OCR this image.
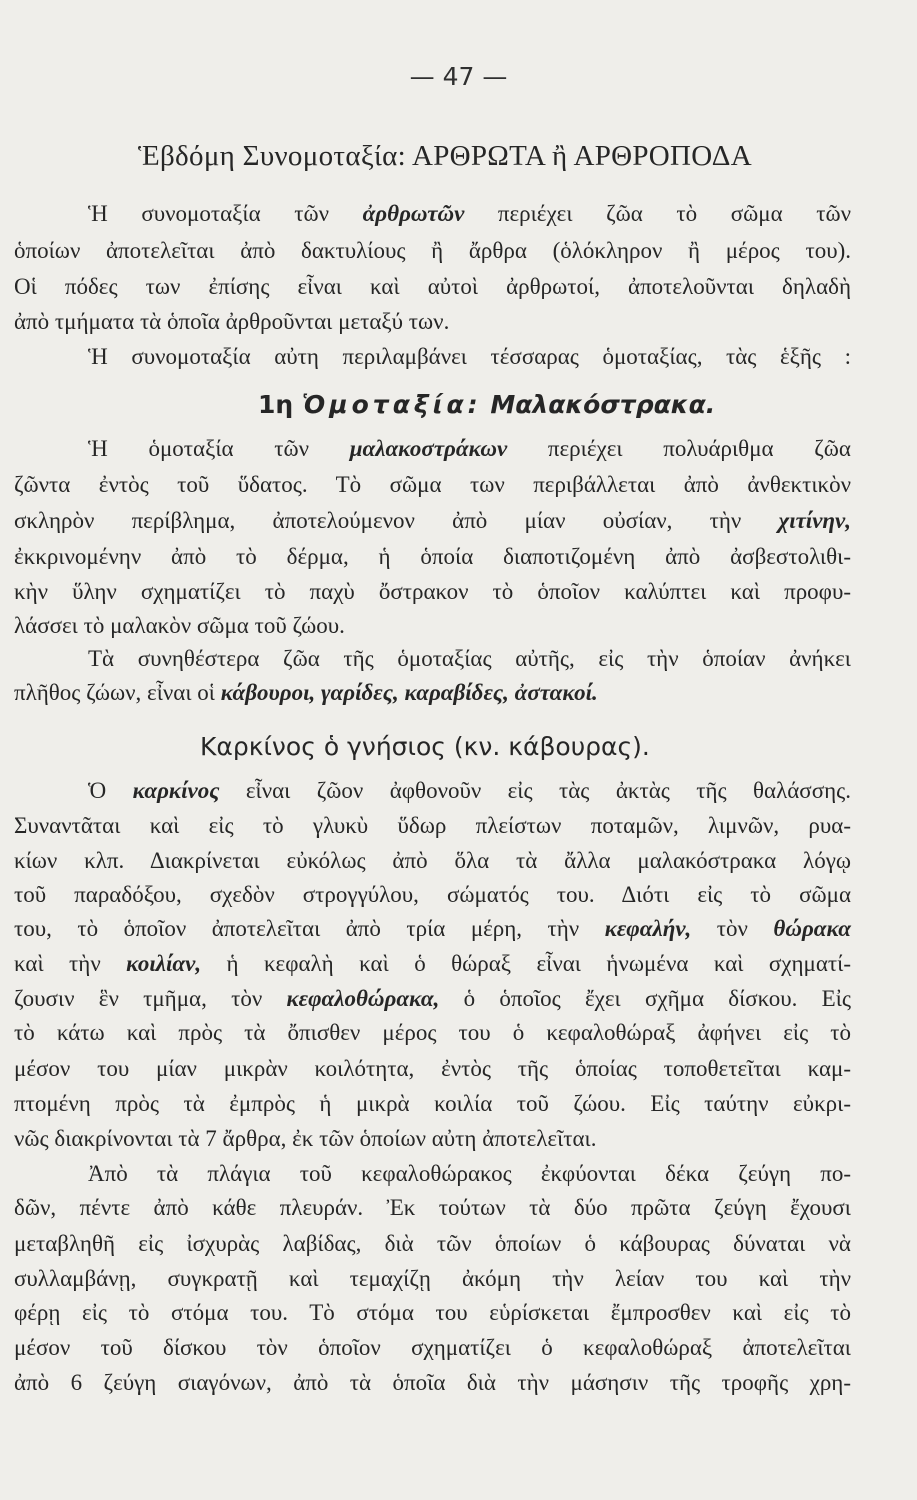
— 47 —
Ἑβδόμη Συνομοταξία: ΑΡΘΡΩΤΑ ἢ ΑΡΘΡΟΠΟΔΑ
Ἡ συνομοταξία τῶν ἀρθρωτῶν περιέχει ζῶα τὸ σῶμα τῶν
ὁποίων ἀποτελεῖται ἀπὸ δακτυλίους ἢ ἄρθρα (ὁλόκληρον ἢ μέρος του).
Οἱ πόδες των ἐπίσης εἶναι καὶ αὐτοὶ ἀρθρωτοί, ἀποτελοῦνται δηλαδὴ
ἀπὸ τμήματα τὰ ὁποῖα ἀρθροῦνται μεταξύ των.
Ἡ συνομοταξία αὐτη περιλαμβάνει τέσσαρας ὁμοταξίας, τὰς ἑξῆς :
1η Ὁμοταξία: Μαλακόστρακα.
Ἡ ὁμοταξία τῶν μαλακοστράκων περιέχει πολυάριθμα ζῶα
ζῶντα ἐντὸς τοῦ ὕδατος. Τὸ σῶμα των περιβάλλεται ἀπὸ ἀνθεκτικὸν
σκληρὸν περίβλημα, ἀποτελούμενον ἀπὸ μίαν οὐσίαν, τὴν χιτίνην,
ἐκκρινομένην ἀπὸ τὸ δέρμα, ἡ ὁποία διαποτιζομένη ἀπὸ ἀσβεστολιθι-
κὴν ὕλην σχηματίζει τὸ παχὺ ὄστρακον τὸ ὁποῖον καλύπτει καὶ προφυ-
λάσσει τὸ μαλακὸν σῶμα τοῦ ζώου.
Τὰ συνηθέστερα ζῶα τῆς ὁμοταξίας αὐτῆς, εἰς τὴν ὁποίαν ἀνήκει
πλῆθος ζώων, εἶναι οἱ κάβουροι, γαρίδες, καραβίδες, ἀστακοί.
Καρκίνος ὁ γνήσιος (κν. κάβουρας).
Ὁ καρκίνος εἶναι ζῶον ἀφθονοῦν εἰς τὰς ἀκτὰς τῆς θαλάσσης.
Συναντᾶται καὶ εἰς τὸ γλυκὺ ὕδωρ πλείστων ποταμῶν, λιμνῶν, ρυα-
κίων κλπ. Διακρίνεται εὐκόλως ἀπὸ ὅλα τὰ ἄλλα μαλακόστρακα λόγῳ
τοῦ παραδόξου, σχεδὸν στρογγύλου, σώματός του. Διότι εἰς τὸ σῶμα
του, τὸ ὁποῖον ἀποτελεῖται ἀπὸ τρία μέρη, τὴν κεφαλήν, τὸν θώρακα
καὶ τὴν κοιλίαν, ἡ κεφαλὴ καὶ ὁ θώραξ εἶναι ἡνωμένα καὶ σχηματί-
ζουσιν ἓν τμῆμα, τὸν κεφαλοθώρακα, ὁ ὁποῖος ἔχει σχῆμα δίσκου. Εἰς
τὸ κάτω καὶ πρὸς τὰ ὄπισθεν μέρος του ὁ κεφαλοθώραξ ἀφήνει εἰς τὸ
μέσον του μίαν μικρὰν κοιλότητα, ἐντὸς τῆς ὁποίας τοποθετεῖται καμ-
πτομένη πρὸς τὰ ἐμπρὸς ἡ μικρὰ κοιλία τοῦ ζώου. Εἰς ταύτην εὐκρι-
νῶς διακρίνονται τὰ 7 ἄρθρα, ἐκ τῶν ὁποίων αὐτη ἀποτελεῖται.
Ἀπὸ τὰ πλάγια τοῦ κεφαλοθώρακος ἐκφύονται δέκα ζεύγη πο-
δῶν, πέντε ἀπὸ κάθε πλευράν. Ἐκ τούτων τὰ δύο πρῶτα ζεύγη ἔχουσι
μεταβληθῆ εἰς ἰσχυρὰς λαβίδας, διὰ τῶν ὁποίων ὁ κάβουρας δύναται νὰ
συλλαμβάνῃ, συγκρατῇ καὶ τεμαχίζῃ ἀκόμη τὴν λείαν του καὶ τὴν
φέρῃ εἰς τὸ στόμα του. Τὸ στόμα του εὑρίσκεται ἔμπροσθεν καὶ εἰς τὸ
μέσον τοῦ δίσκου τὸν ὁποῖον σχηματίζει ὁ κεφαλοθώραξ ἀποτελεῖται
ἀπὸ 6 ζεύγη σιαγόνων, ἀπὸ τὰ ὁποῖα διὰ τὴν μάσησιν τῆς τροφῆς χρη-
